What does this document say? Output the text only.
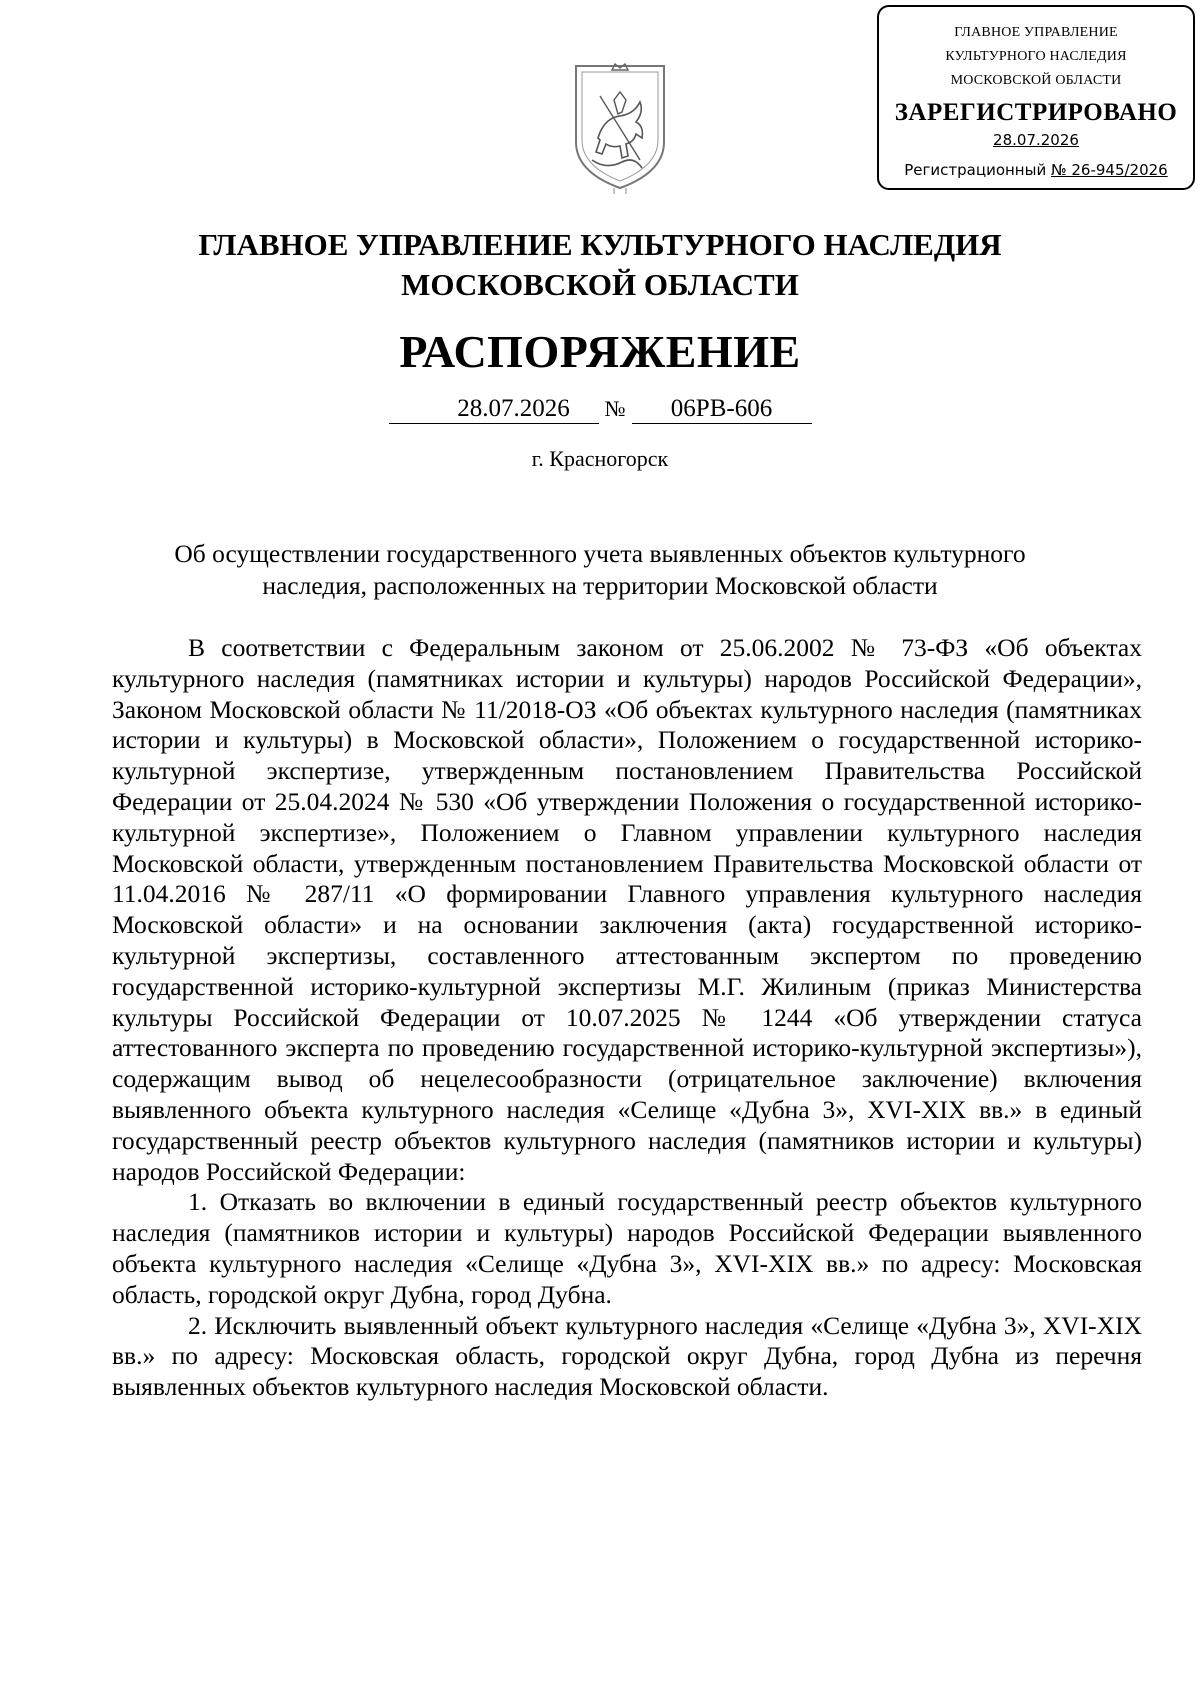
ГЛАВНОЕ УПРАВЛЕНИЕ
КУЛЬТУРНОГО НАСЛЕДИЯ
МОСКОВСКОЙ ОБЛАСТИ
ЗАРЕГИСТРИРОВАНО
28.07.2026
Регистрационный № 26-945/2026
ГЛАВНОЕ УПРАВЛЕНИЕ КУЛЬТУРНОГО НАСЛЕДИЯ
МОСКОВСКОЙ ОБЛАСТИ
РАСПОРЯЖЕНИЕ
28.07.2026 № 06РВ-606
г. Красногорск
Об осуществлении государственного учета выявленных объектов культурного
наследия, расположенных на территории Московской области

В соответствии с Федеральным законом от 25.06.2002 № 73-ФЗ «Об объектах культурного наследия (памятниках истории и культуры) народов Российской Федерации», Законом Московской области № 11/2018-ОЗ «Об объектах культурного наследия (памятниках истории и культуры) в Московской области», Положением о государственной историко-культурной экспертизе, утвержденным постановлением Правительства Российской Федерации от 25.04.2024 № 530 «Об утверждении Положения о государственной историко-культурной экспертизе», Положением о Главном управлении культурного наследия Московской области, утвержденным постановлением Правительства Московской области от 11.04.2016 № 287/11 «О формировании Главного управления культурного наследия Московской области» и на основании заключения (акта) государственной историко-культурной экспертизы, составленного аттестованным экспертом по проведению государственной историко-культурной экспертизы М.Г. Жилиным (приказ Министерства культуры Российской Федерации от 10.07.2025 № 1244 «Об утверждении статуса аттестованного эксперта по проведению государственной историко-культурной экспертизы»), содержащим вывод об нецелесообразности (отрицательное заключение) включения выявленного объекта культурного наследия «Селище «Дубна 3», XVI-XIX вв.» в единый государственный реестр объектов культурного наследия (памятников истории и культуры) народов Российской Федерации:

1. Отказать во включении в единый государственный реестр объектов культурного наследия (памятников истории и культуры) народов Российской Федерации выявленного объекта культурного наследия «Селище «Дубна 3», XVI-XIX вв.» по адресу: Московская область, городской округ Дубна, город Дубна.

2. Исключить выявленный объект культурного наследия «Селище «Дубна 3», XVI-XIX вв.» по адресу: Московская область, городской округ Дубна, город Дубна из перечня выявленных объектов культурного наследия Московской области.
